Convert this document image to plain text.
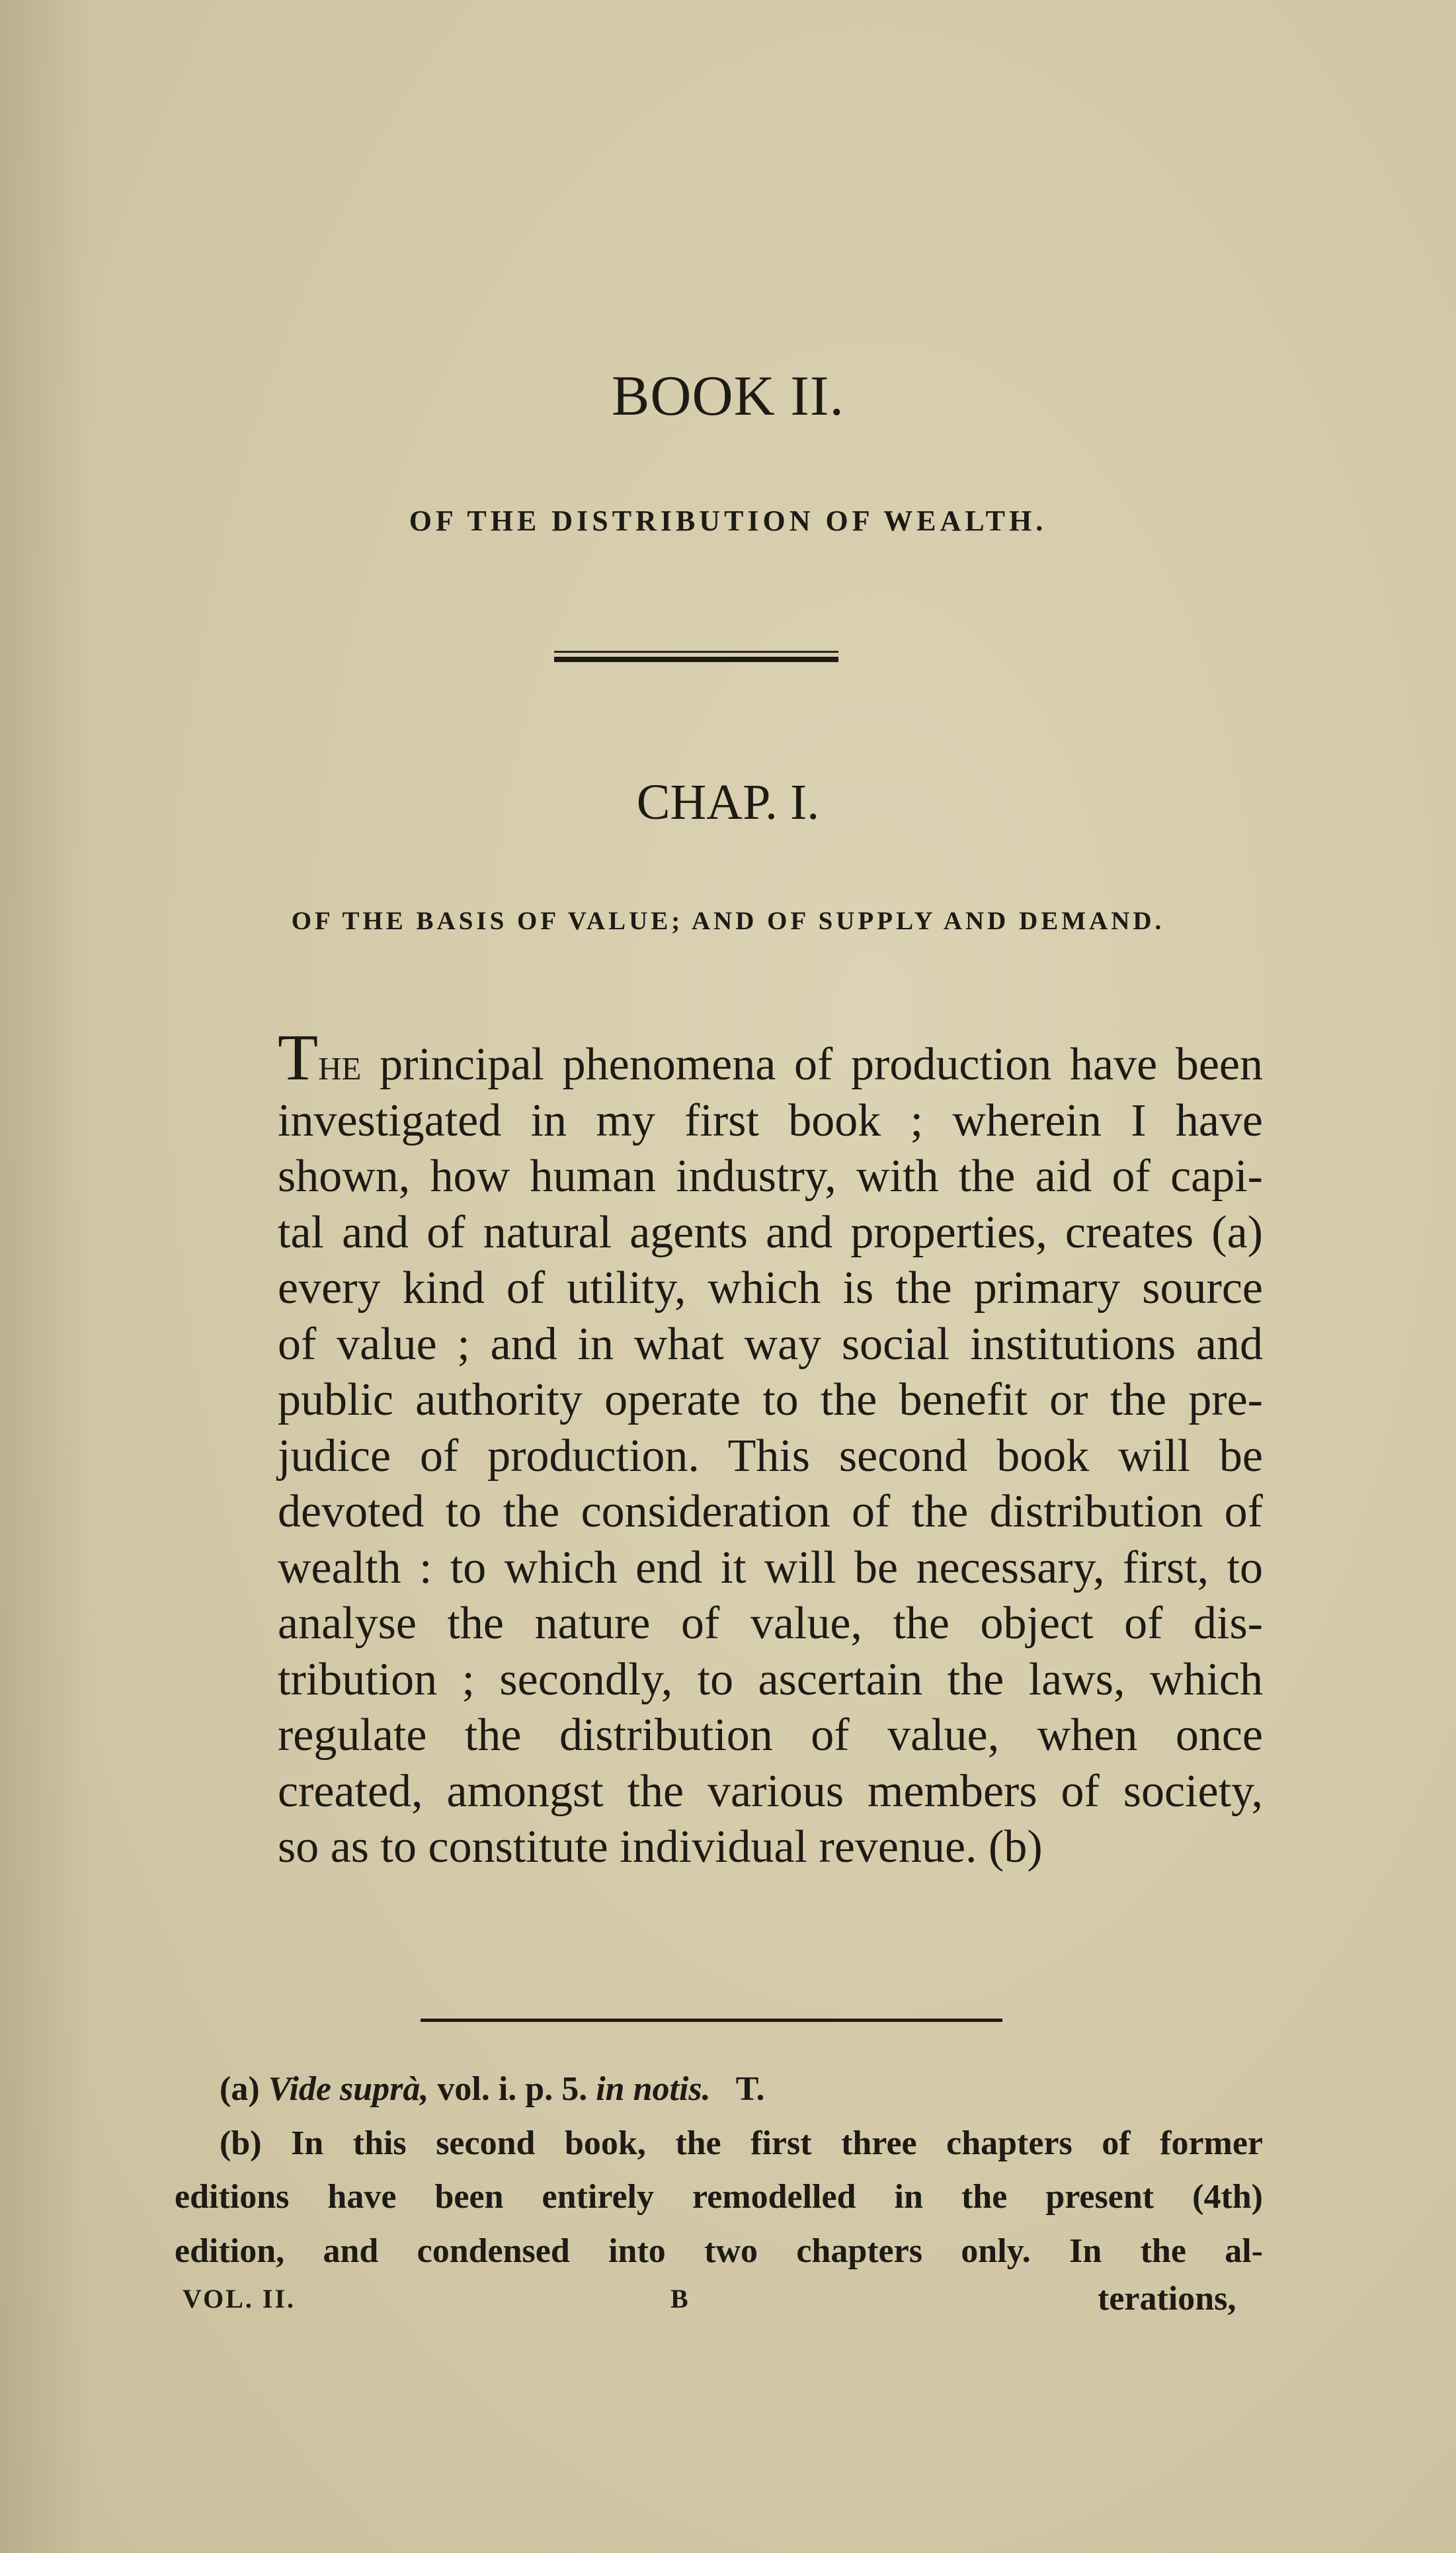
BOOK II.
OF THE DISTRIBUTION OF WEALTH.
CHAP. I.
OF THE BASIS OF VALUE; AND OF SUPPLY AND DEMAND.
The principal phenomena of production have been
investigated in my first book ; wherein I have
shown, how human industry, with the aid of capi-
tal and of natural agents and properties, creates (a)
every kind of utility, which is the primary source
of value ; and in what way social institutions and
public authority operate to the benefit or the pre-
judice of production. This second book will be
devoted to the consideration of the distribution of
wealth : to which end it will be necessary, first, to
analyse the nature of value, the object of dis-
tribution ; secondly, to ascertain the laws, which
regulate the distribution of value, when once
created, amongst the various members of society,
so as to constitute individual revenue. (b)
(a) Vide suprà, vol. i. p. 5. in notis. T.
(b) In this second book, the first three chapters of former
editions have been entirely remodelled in the present (4th)
edition, and condensed into two chapters only. In the al-
VOL. II.	B	terations,
